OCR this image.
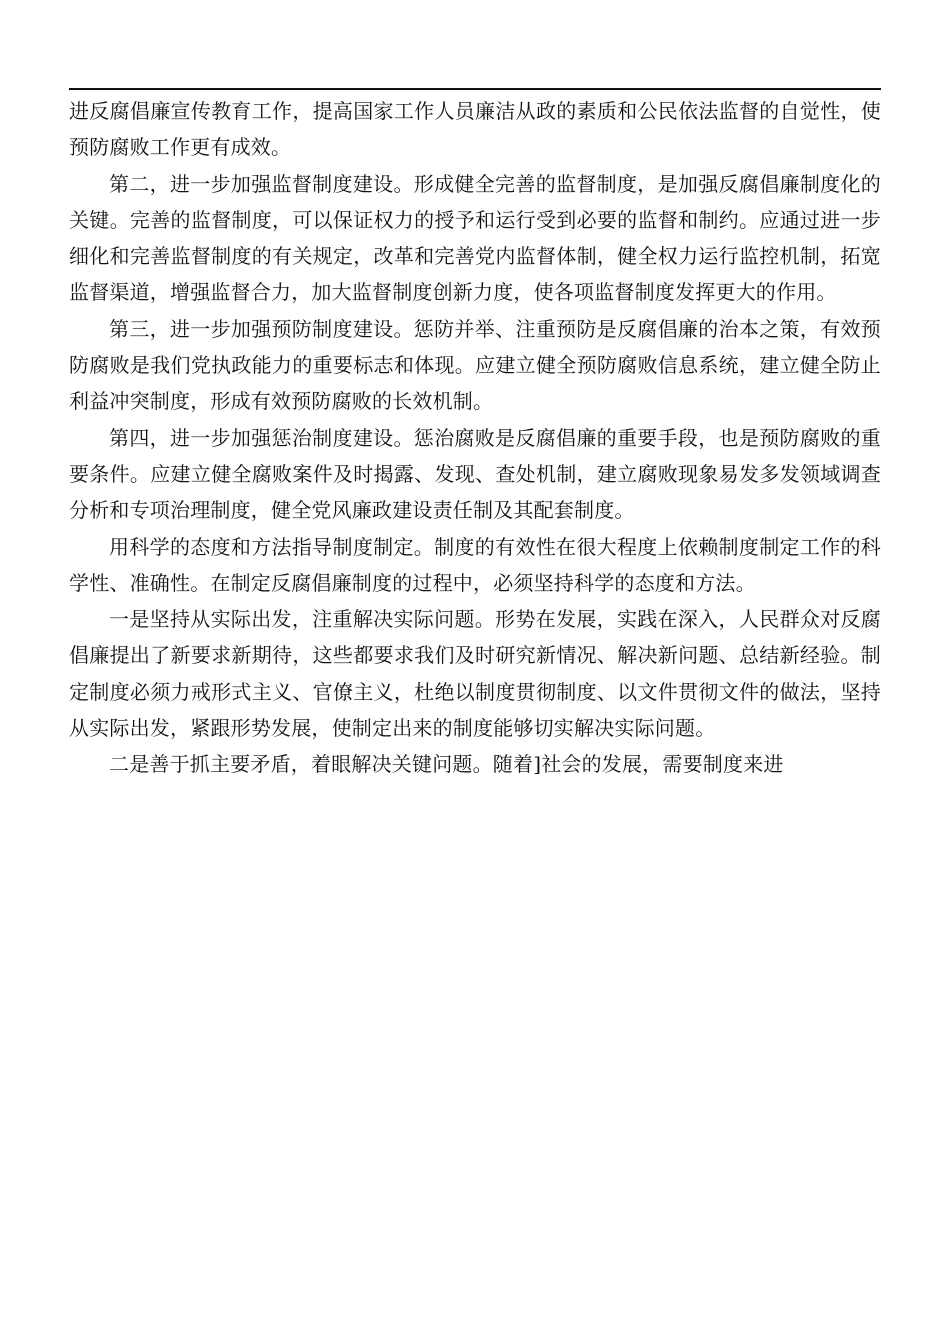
进反腐倡廉宣传教育工作，提高国家工作人员廉洁从政的素质和公民依法监督的自觉性，使预防腐败工作更有成效。

第二，进一步加强监督制度建设。形成健全完善的监督制度，是加强反腐倡廉制度化的关键。完善的监督制度，可以保证权力的授予和运行受到必要的监督和制约。应通过进一步细化和完善监督制度的有关规定，改革和完善党内监督体制，健全权力运行监控机制，拓宽监督渠道，增强监督合力，加大监督制度创新力度，使各项监督制度发挥更大的作用。

第三，进一步加强预防制度建设。惩防并举、注重预防是反腐倡廉的治本之策，有效预防腐败是我们党执政能力的重要标志和体现。应建立健全预防腐败信息系统，建立健全防止利益冲突制度，形成有效预防腐败的长效机制。

第四，进一步加强惩治制度建设。惩治腐败是反腐倡廉的重要手段，也是预防腐败的重要条件。应建立健全腐败案件及时揭露、发现、查处机制，建立腐败现象易发多发领域调查分析和专项治理制度，健全党风廉政建设责任制及其配套制度。

用科学的态度和方法指导制度制定。制度的有效性在很大程度上依赖制度制定工作的科学性、准确性。在制定反腐倡廉制度的过程中，必须坚持科学的态度和方法。

一是坚持从实际出发，注重解决实际问题。形势在发展，实践在深入，人民群众对反腐倡廉提出了新要求新期待，这些都要求我们及时研究新情况、解决新问题、总结新经验。制定制度必须力戒形式主义、官僚主义，杜绝以制度贯彻制度、以文件贯彻文件的做法，坚持从实际出发，紧跟形势发展，使制定出来的制度能够切实解决实际问题。

二是善于抓主要矛盾，着眼解决关键问题。随着]社会的发展，需要制度来进
